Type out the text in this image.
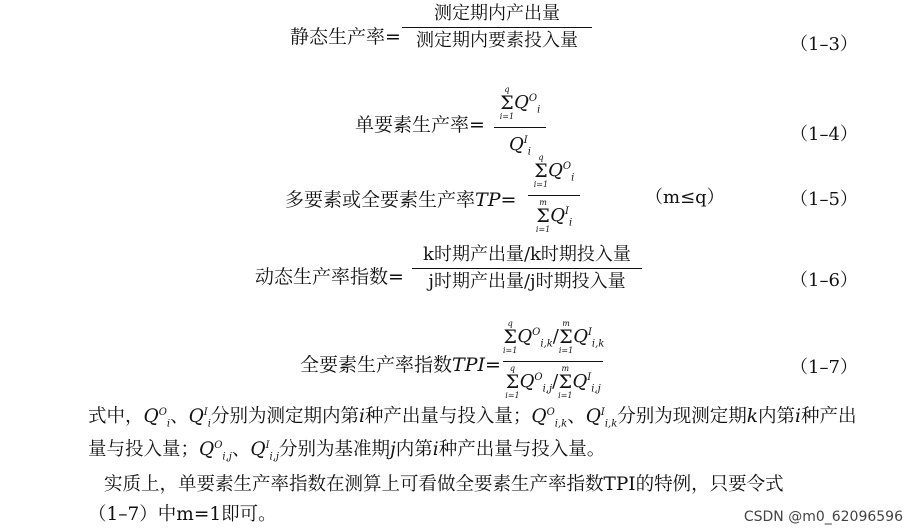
静态生产率=
测定期内产出量
测定期内要素投入量	（1–3）
单要素生产率=
q
Σ
i=1
$Q^O_i$
$Q^I_i$
（1–4）
多要素或全要素生产率TP=
q
Σ
i=1
$Q^O_i$
m
Σ
i=1
$Q^I_i$
（m≤q）	（1–5）
动态生产率指数=
k时期产出量/k时期投入量
j时期产出量/j时期投入量	（1–6）
全要素生产率指数TPI=
q
Σ
i=1
$Q^O_{i,k}/$
m
Σ
i=1
$Q^I_{i,k}$
q
Σ
i=1
$Q^O_{i,j}/$
m
Σ
i=1
$Q^I_{i,j}$
（1–7）
式中，$Q^O_i$、$Q^I_i$分别为测定期内第i种产出量与投入量；$Q^O_{i,k}$、$Q^I_{i,k}$分别为现测定期k内第i种产出
量与投入量；$Q^O_{i,j}$、$Q^I_{i,j}$分别为基准期j内第i种产出量与投入量。
实质上，单要素生产率指数在测算上可看做全要素生产率指数TPI的特例，只要令式
（1–7）中m=1即可。	CSDN @m0_62096596
